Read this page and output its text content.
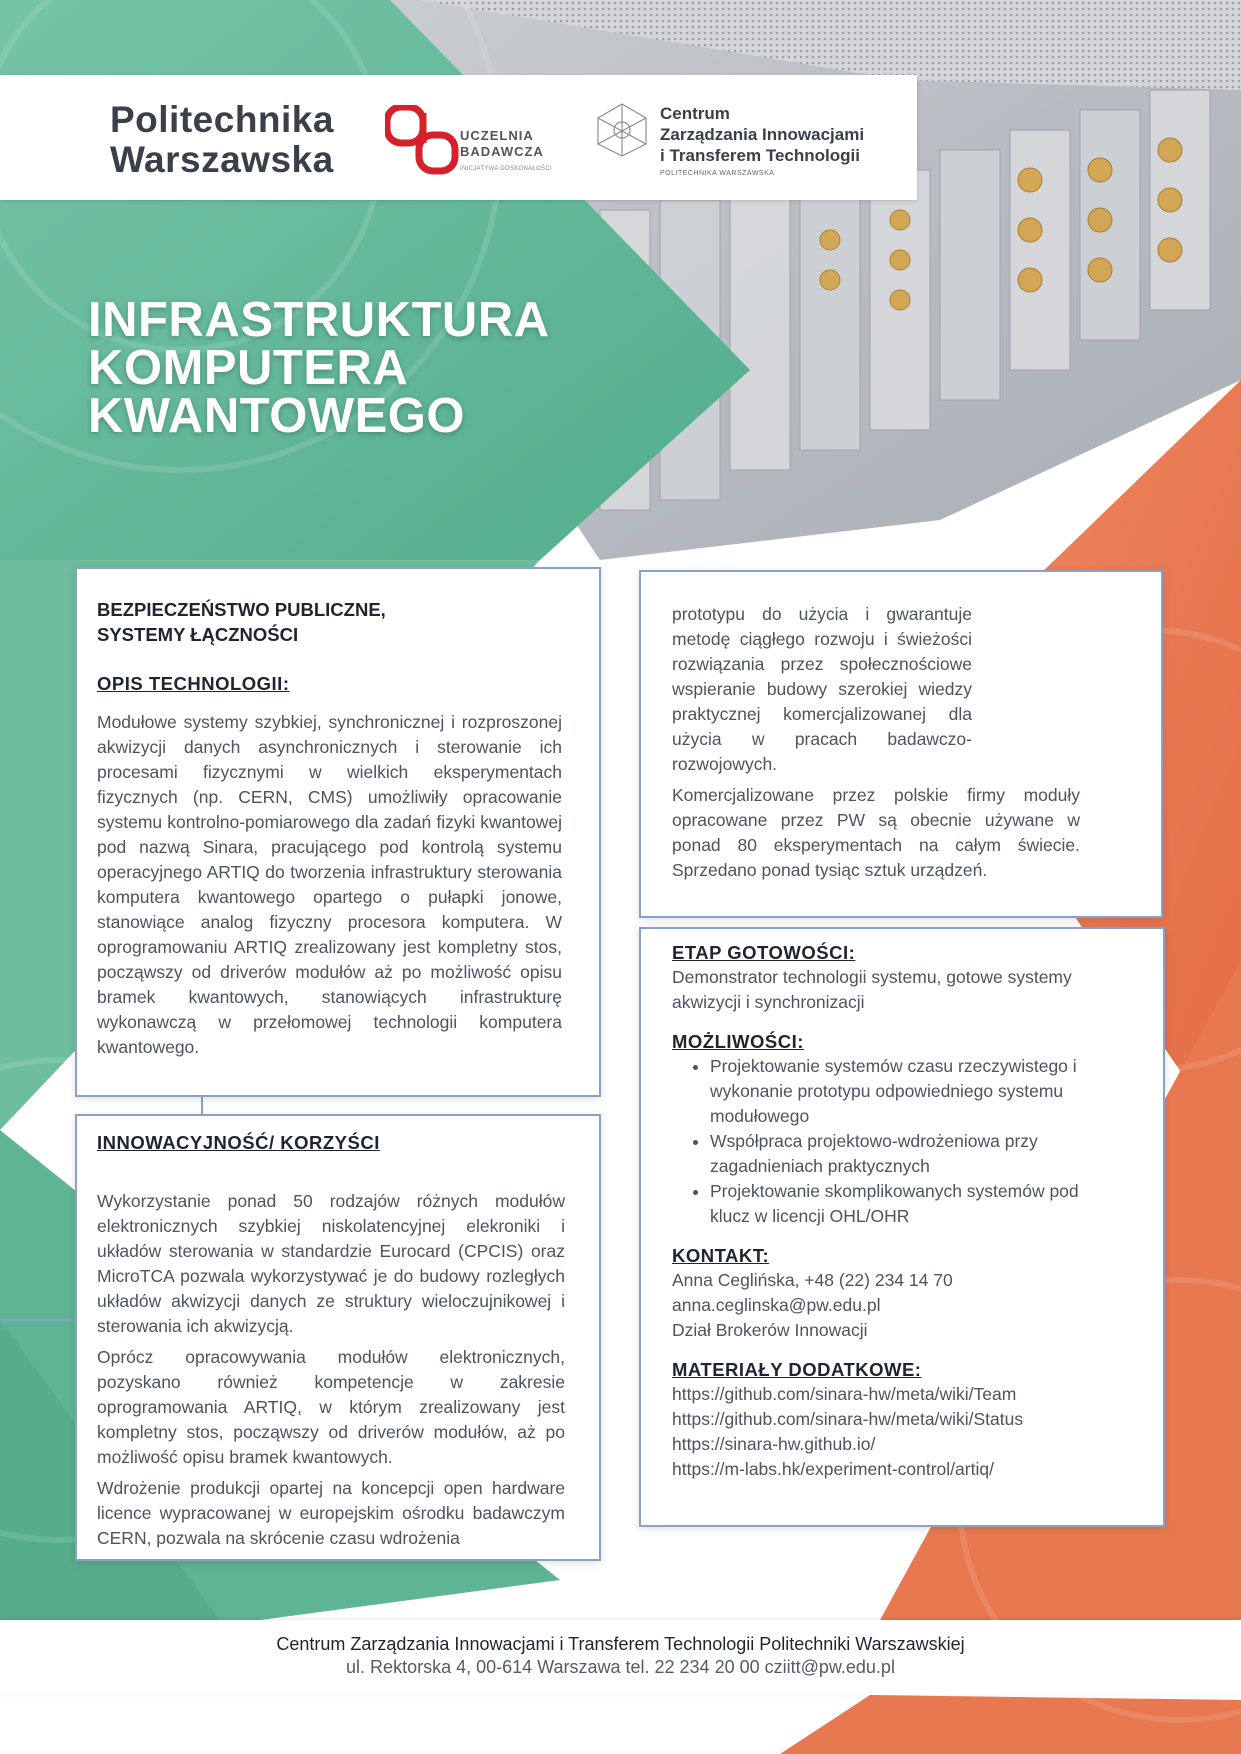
Politechnika
Warszawska
UCZELNIA
BADAWCZA
INICJATYWA DOSKONAŁOŚCI
Centrum
Zarządzania Innowacjami
i Transferem Technologii
POLITECHNIKA WARSZAWSKA
INFRASTRUKTURA
KOMPUTERA
KWANTOWEGO
BEZPIECZEŃSTWO PUBLICZNE,
SYSTEMY ŁĄCZNOŚCI
OPIS TECHNOLOGII:
Modułowe systemy szybkiej, synchronicznej i rozproszonej akwizycji danych asynchronicznych i sterowanie ich procesami fizycznymi w wielkich eksperymentach fizycznych (np. CERN, CMS) umożliwiły opracowanie systemu kontrolno-pomiarowego dla zadań fizyki kwantowej pod nazwą Sinara, pracującego pod kontrolą systemu operacyjnego ARTIQ do tworzenia infrastruktury sterowania komputera kwantowego opartego o pułapki jonowe, stanowiące analog fizyczny procesora komputera. W oprogramowaniu ARTIQ zrealizowany jest kompletny stos, począwszy od driverów modułów aż po możliwość opisu bramek kwantowych, stanowiących infrastrukturę wykonawczą w przełomowej technologii komputera kwantowego.
INNOWACYJNOŚĆ/ KORZYŚCI

Wykorzystanie ponad 50 rodzajów różnych modułów elektronicznych szybkiej niskolatencyjnej elekroniki i układów sterowania w standardzie Eurocard (CPCIS) oraz MicroTCA pozwala wykorzystywać je do budowy rozległych układów akwizycji danych ze struktury wieloczujnikowej i sterowania ich akwizycją.

Oprócz opracowywania modułów elektronicznych, pozyskano również kompetencje w zakresie oprogramowania ARTIQ, w którym zrealizowany jest kompletny stos, począwszy od driverów modułów, aż po możliwość opisu bramek kwantowych.

Wdrożenie produkcji opartej na koncepcji open hardware licence wypracowanej w europejskim ośrodku badawczym CERN, pozwala na skrócenie czasu wdrożenia

prototypu do użycia i gwarantuje metodę ciągłego rozwoju i świeżości rozwiązania przez społecznościowe wspieranie budowy szerokiej wiedzy praktycznej komercjalizowanej dla użycia w pracach badawczo-rozwojowych.
Komercjalizowane przez polskie firmy moduły opracowane przez PW są obecnie używane w ponad 80 eksperymentach na całym świecie. Sprzedano ponad tysiąc sztuk urządzeń.
ETAP GOTOWOŚCI:
Demonstrator technologii systemu, gotowe systemy akwizycji i synchronizacji
MOŻLIWOŚCI:
• Projektowanie systemów czasu rzeczywistego i wykonanie prototypu odpowiedniego systemu modułowego
• Współpraca projektowo-wdrożeniowa przy zagadnieniach praktycznych
• Projektowanie skomplikowanych systemów pod klucz w licencji OHL/OHR
KONTAKT:
Anna Ceglińska, +48 (22) 234 14 70
anna.ceglinska@pw.edu.pl
Dział Brokerów Innowacji
MATERIAŁY DODATKOWE:
https://github.com/sinara-hw/meta/wiki/Team
https://github.com/sinara-hw/meta/wiki/Status
https://sinara-hw.github.io/
https://m-labs.hk/experiment-control/artiq/
Centrum Zarządzania Innowacjami i Transferem Technologii Politechniki Warszawskiej
ul. Rektorska 4, 00-614 Warszawa tel. 22 234 20 00 cziitt@pw.edu.pl
